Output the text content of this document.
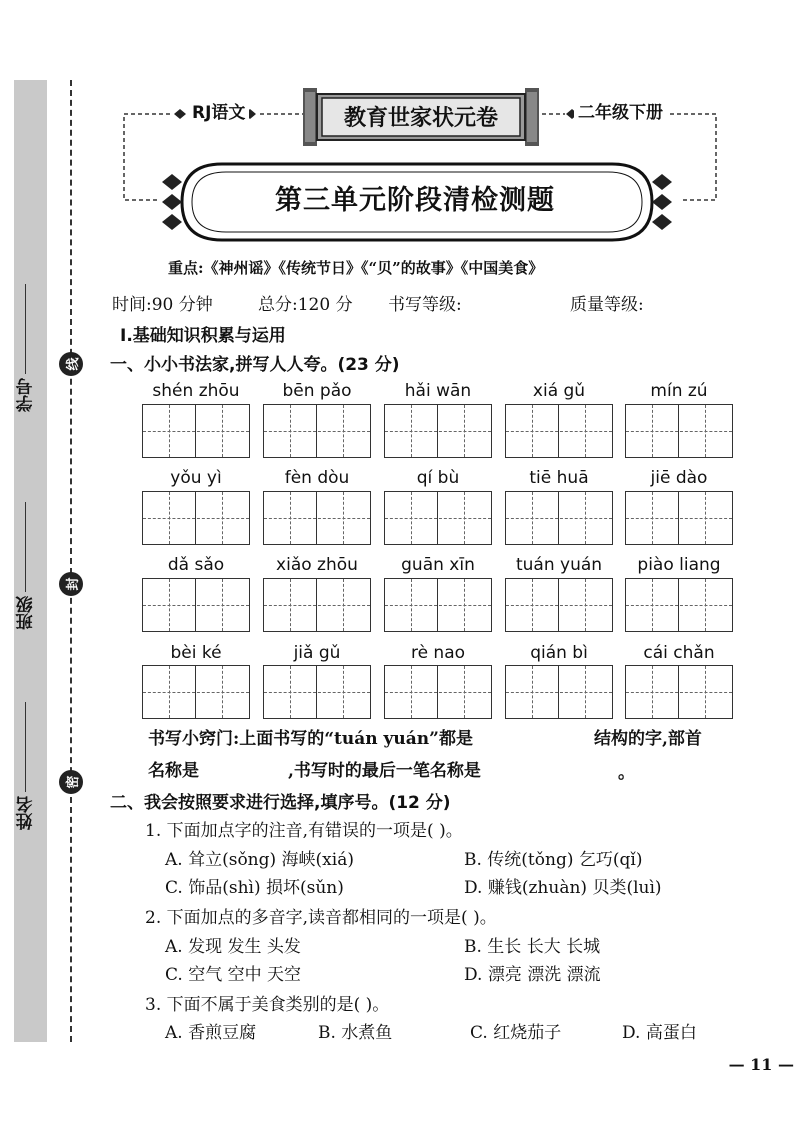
学号
班级
姓名
线
封
密
RJ语文	二年级下册
教育世家状元卷
第三单元阶段清检测题
重点:《神州谣》《传统节日》《“贝”的故事》《中国美食》
时间:90 分钟	总分:120 分 书写等级:	质量等级:
Ⅰ.基础知识积累与运用
一、小小书法家,拼写人人夸。(23 分)
shén zhōu	bēn pǎo	hǎi wān	xiá gǔ	mín zú
yǒu yì	fèn dòu	qí bù	tiē huā	jiē dào
dǎ sǎo	xiǎo zhōu	guān xīn	tuán yuán	piào liang
bèi ké	jiǎ gǔ	rè nao	qián bì	cái chǎn
书写小窍门:上面书写的“tuán yuán”都是	结构的字,部首
名称是	,书写时的最后一笔名称是	。
二、我会按照要求进行选择,填序号。(12 分)
1. 下面加点字的注音,有错误的一项是( )。
A. 耸立(sǒng) 海峡(xiá)	B. 传统(tǒng) 乞巧(qǐ)
C. 饰品(shì) 损坏(sǔn)	D. 赚钱(zhuàn) 贝类(luì)
2. 下面加点的多音字,读音都相同的一项是( )。
A. 发现 发生 头发	B. 生长 长大 长城
C. 空气 空中 天空	D. 漂亮 漂洗 漂流
3. 下面不属于美食类别的是( )。
A. 香煎豆腐	B. 水煮鱼	C. 红烧茄子	D. 高蛋白
— 11 —
